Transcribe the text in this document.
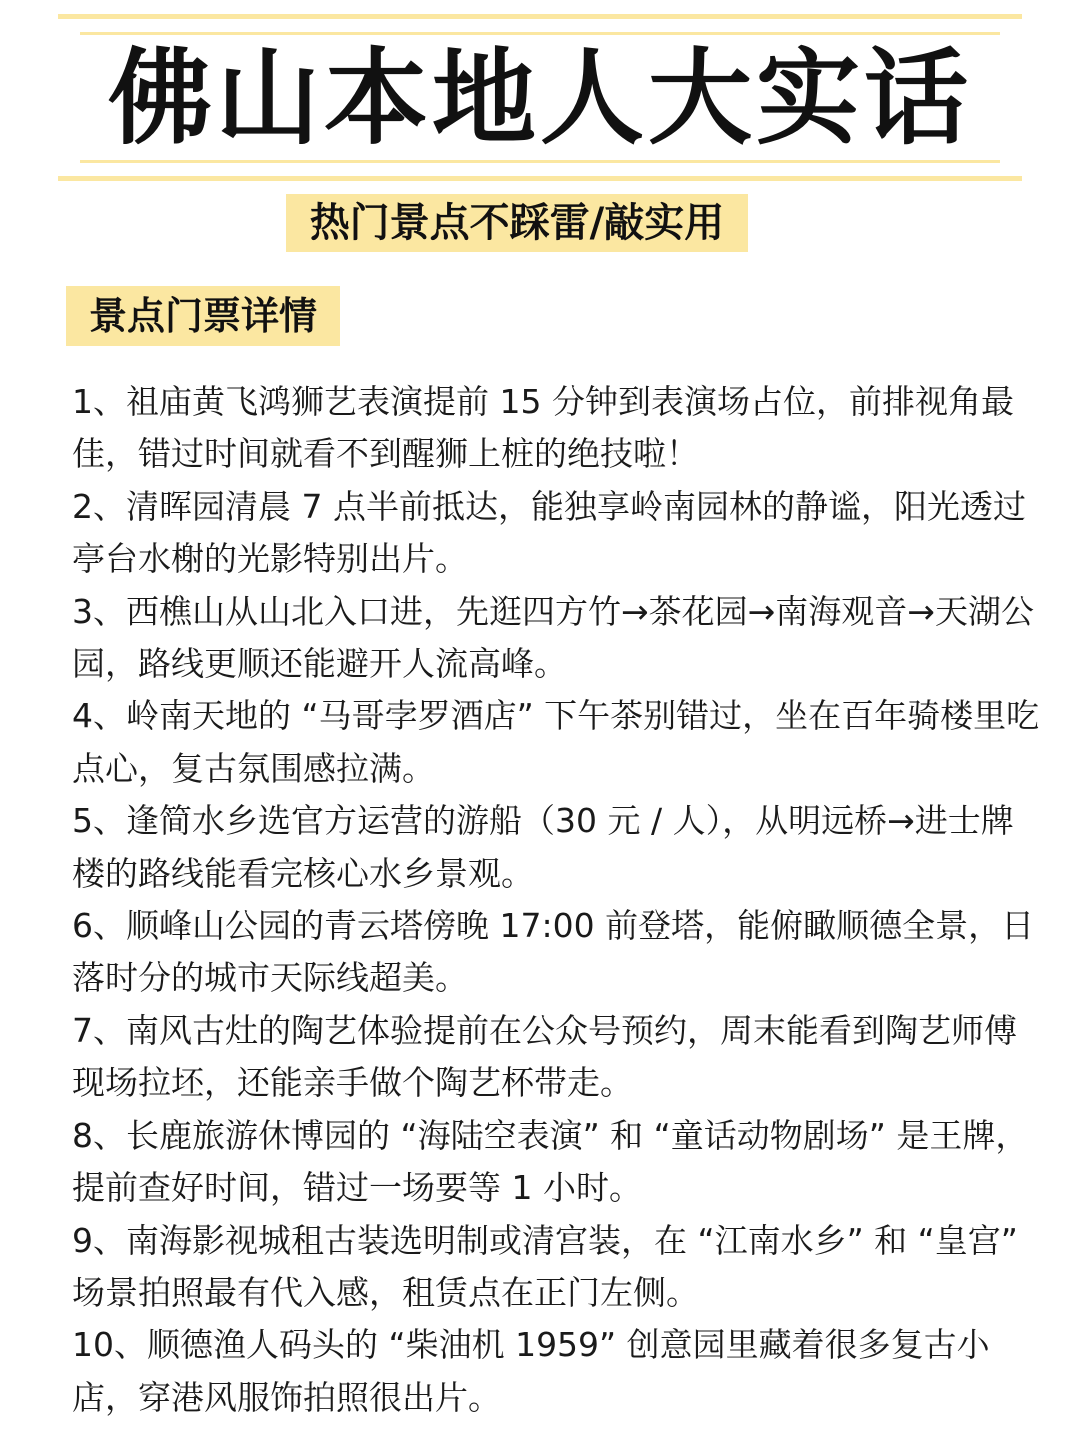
佛山本地人大实话
热门景点不踩雷/敲实用
景点门票详情
1、祖庙黄飞鸿狮艺表演提前 15 分钟到表演场占位，前排视角最佳，错过时间就看不到醒狮上桩的绝技啦！
2、清晖园清晨 7 点半前抵达，能独享岭南园林的静谧，阳光透过亭台水榭的光影特别出片。
3、西樵山从山北入口进，先逛四方竹→茶花园→南海观音→天湖公园，路线更顺还能避开人流高峰。
4、岭南天地的 “马哥孛罗酒店” 下午茶别错过，坐在百年骑楼里吃点心，复古氛围感拉满。
5、逢简水乡选官方运营的游船（30 元 / 人），从明远桥→进士牌楼的路线能看完核心水乡景观。
6、顺峰山公园的青云塔傍晚 17:00 前登塔，能俯瞰顺德全景，日落时分的城市天际线超美。
7、南风古灶的陶艺体验提前在公众号预约，周末能看到陶艺师傅现场拉坯，还能亲手做个陶艺杯带走。
8、长鹿旅游休博园的 “海陆空表演” 和 “童话动物剧场” 是王牌，提前查好时间，错过一场要等 1 小时。
9、南海影视城租古装选明制或清宫装，在 “江南水乡” 和 “皇宫” 场景拍照最有代入感，租赁点在正门左侧。
10、顺德渔人码头的 “柴油机 1959” 创意园里藏着很多复古小店，穿港风服饰拍照很出片。
